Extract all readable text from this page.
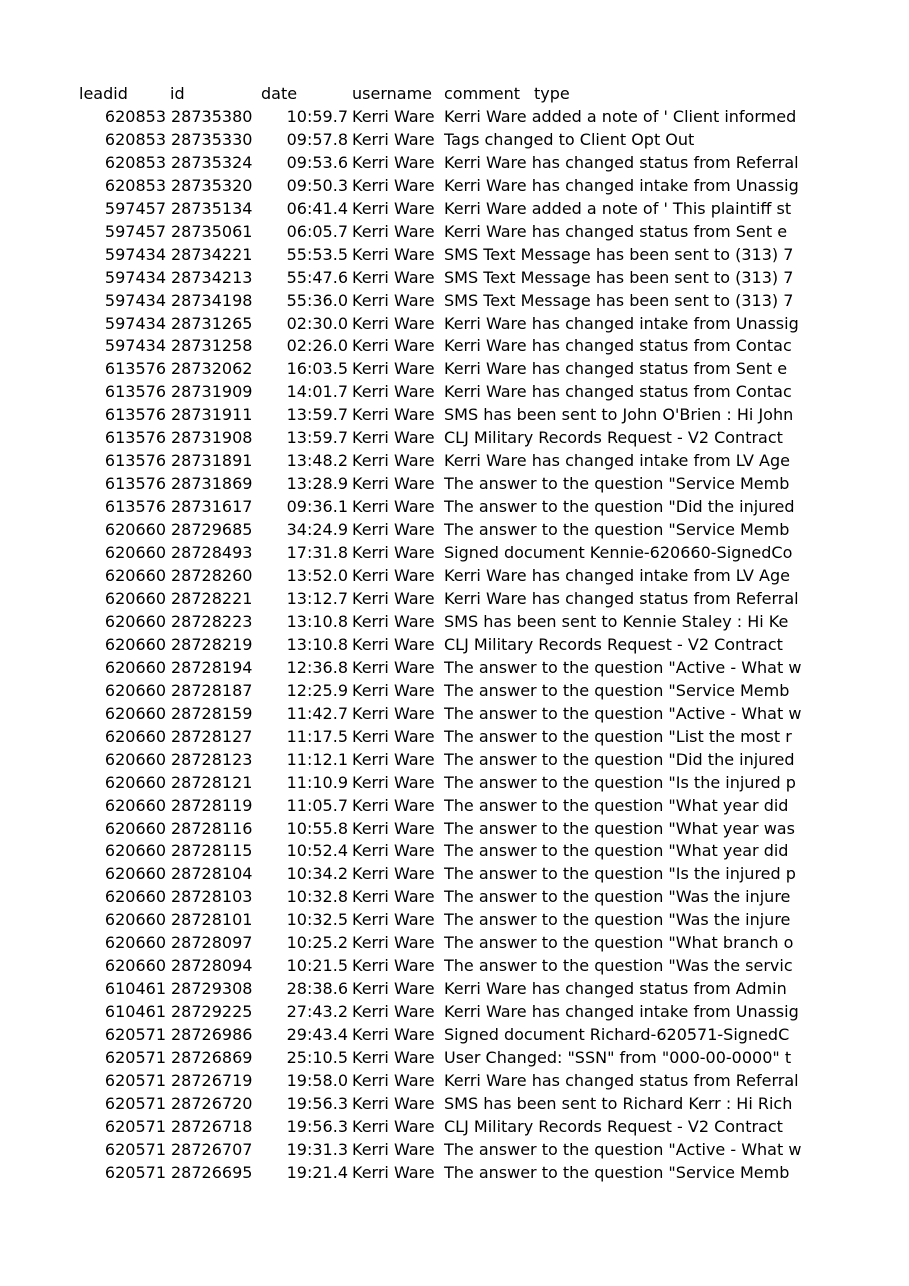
leadid	id	date	username comment type
620853 28735380	10:59.7 Kerri Ware Kerri Ware added a note of ' Client informed
620853 28735330	09:57.8 Kerri Ware Tags changed to Client Opt Out
620853 28735324	09:53.6 Kerri Ware Kerri Ware has changed status from Referral
620853 28735320	09:50.3 Kerri Ware Kerri Ware has changed intake from Unassig
597457 28735134	06:41.4 Kerri Ware Kerri Ware added a note of ' This plaintiff st
597457 28735061	06:05.7 Kerri Ware Kerri Ware has changed status from Sent e
597434 28734221	55:53.5 Kerri Ware SMS Text Message has been sent to (313) 7
597434 28734213	55:47.6 Kerri Ware SMS Text Message has been sent to (313) 7
597434 28734198	55:36.0 Kerri Ware SMS Text Message has been sent to (313) 7
597434 28731265	02:30.0 Kerri Ware Kerri Ware has changed intake from Unassig
597434 28731258	02:26.0 Kerri Ware Kerri Ware has changed status from Contac
613576 28732062	16:03.5 Kerri Ware Kerri Ware has changed status from Sent e
613576 28731909	14:01.7 Kerri Ware Kerri Ware has changed status from Contac
613576 28731911	13:59.7 Kerri Ware SMS has been sent to John O'Brien : Hi John
613576 28731908	13:59.7 Kerri Ware CLJ Military Records Request - V2 Contract
613576 28731891	13:48.2 Kerri Ware Kerri Ware has changed intake from LV Age
613576 28731869	13:28.9 Kerri Ware The answer to the question "Service Memb
613576 28731617	09:36.1 Kerri Ware The answer to the question "Did the injured
620660 28729685	34:24.9 Kerri Ware The answer to the question "Service Memb
620660 28728493	17:31.8 Kerri Ware Signed document Kennie-620660-SignedCo
620660 28728260	13:52.0 Kerri Ware Kerri Ware has changed intake from LV Age
620660 28728221	13:12.7 Kerri Ware Kerri Ware has changed status from Referral
620660 28728223	13:10.8 Kerri Ware SMS has been sent to Kennie Staley : Hi Ke
620660 28728219	13:10.8 Kerri Ware CLJ Military Records Request - V2 Contract
620660 28728194	12:36.8 Kerri Ware The answer to the question "Active - What w
620660 28728187	12:25.9 Kerri Ware The answer to the question "Service Memb
620660 28728159	11:42.7 Kerri Ware The answer to the question "Active - What w
620660 28728127	11:17.5 Kerri Ware The answer to the question "List the most r
620660 28728123	11:12.1 Kerri Ware The answer to the question "Did the injured
620660 28728121	11:10.9 Kerri Ware The answer to the question "Is the injured p
620660 28728119	11:05.7 Kerri Ware The answer to the question "What year did
620660 28728116	10:55.8 Kerri Ware The answer to the question "What year was
620660 28728115	10:52.4 Kerri Ware The answer to the question "What year did
620660 28728104	10:34.2 Kerri Ware The answer to the question "Is the injured p
620660 28728103	10:32.8 Kerri Ware The answer to the question "Was the injure
620660 28728101	10:32.5 Kerri Ware The answer to the question "Was the injure
620660 28728097	10:25.2 Kerri Ware The answer to the question "What branch o
620660 28728094	10:21.5 Kerri Ware The answer to the question "Was the servic
610461 28729308	28:38.6 Kerri Ware Kerri Ware has changed status from Admin
610461 28729225	27:43.2 Kerri Ware Kerri Ware has changed intake from Unassig
620571 28726986	29:43.4 Kerri Ware Signed document Richard-620571-SignedC
620571 28726869	25:10.5 Kerri Ware User Changed: "SSN" from "000-00-0000" t
620571 28726719	19:58.0 Kerri Ware Kerri Ware has changed status from Referral
620571 28726720	19:56.3 Kerri Ware SMS has been sent to Richard Kerr : Hi Rich
620571 28726718	19:56.3 Kerri Ware CLJ Military Records Request - V2 Contract
620571 28726707	19:31.3 Kerri Ware The answer to the question "Active - What w
620571 28726695	19:21.4 Kerri Ware The answer to the question "Service Memb
